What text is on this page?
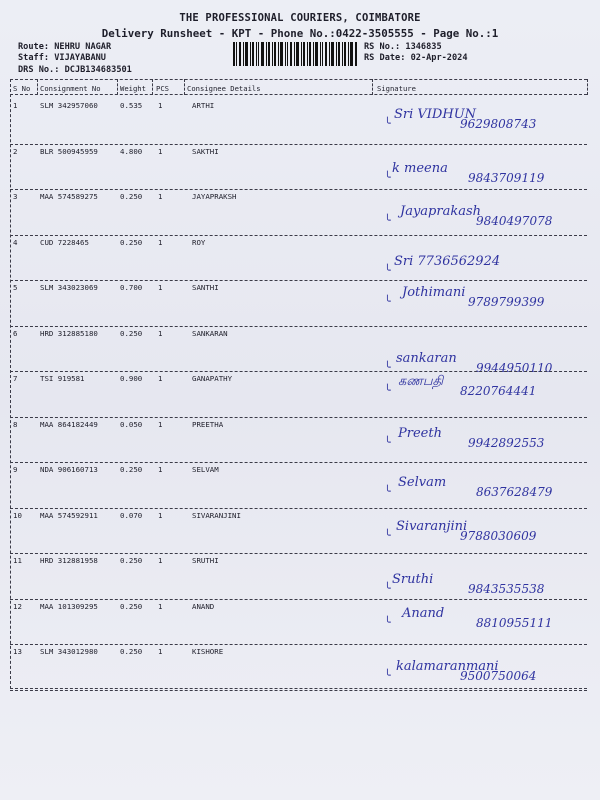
THE PROFESSIONAL COURIERS, COIMBATORE
Delivery Runsheet - KPT - Phone No.:0422-3505555 - Page No.:1
Route: NEHRU NAGAR
Staff: VIJAYABANU
DRS No.: DCJB134683501
RS No.: 1346835
RS Date: 02-Apr-2024
S No Consignment No	Weight PCS	Consignee Details	Signature
1	SLM 342957060	0.535 1	ARTHI
╰
Sri VIDHUN
9629808743
2	BLR 500945959	4.800 1	SAKTHI
╰
k meena
9843709119
3	MAA 574589275	0.250 1	JAYAPRAKSH
╰
Jayaprakash
9840497078
4	CUD 7228465	0.250 1	ROY
╰
Sri 7736562924
5	SLM 343023069	0.700 1	SANTHI
╰
Jothimani
9789799399
6	HRD 312885180	0.250 1	SANKARAN
╰
sankaran
9944950110
7	TSI 919581	0.900 1	GANAPATHY
╰
கணபதி
8220764441
8	MAA 864182449	0.050 1	PREETHA
╰
Preeth
9942892553
9	NDA 906160713	0.250 1	SELVAM
╰
Selvam
8637628479
10 MAA 574592911	0.070 1	SIVARANJINI
╰
Sivaranjini
9788030609
11 HRD 312881958	0.250 1	SRUTHI
╰
Sruthi
9843535538
12 MAA 101309295	0.250 1	ANAND
╰
Anand
8810955111
13 SLM 343012980	0.250 1	KISHORE
╰
kalamaranmani
9500750064
